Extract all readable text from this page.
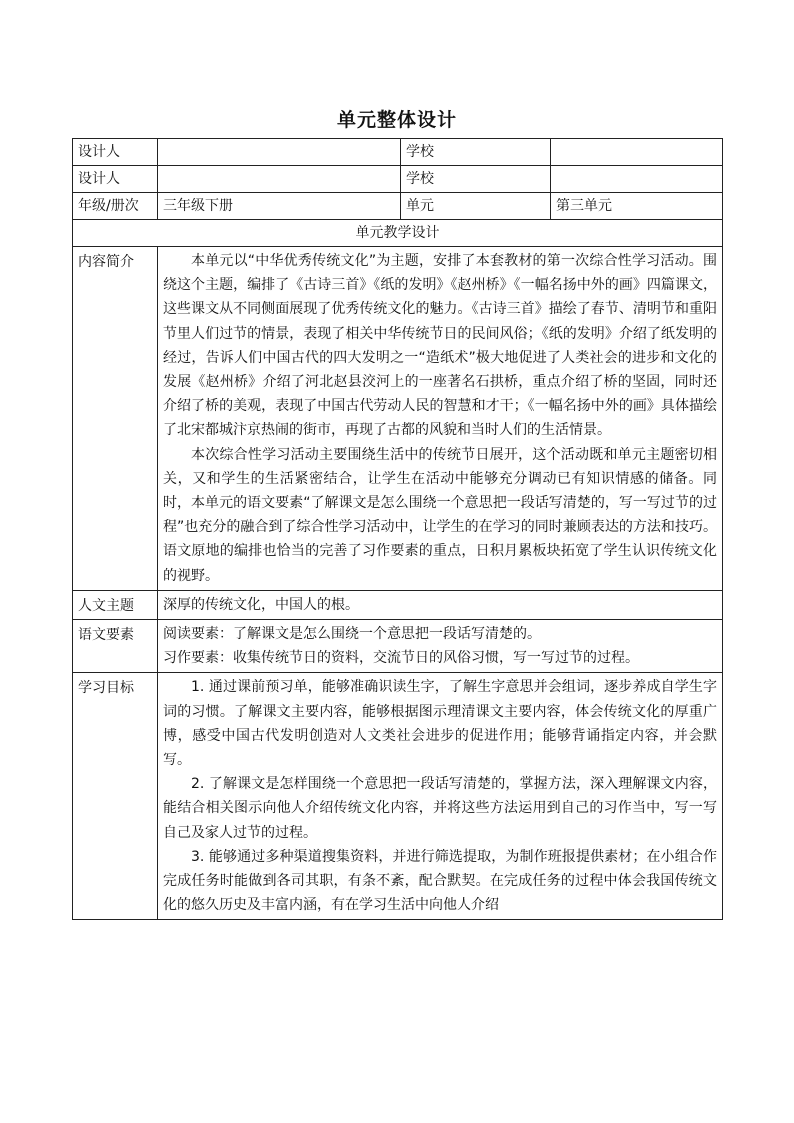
单元整体设计
设计人		学校	
设计人		学校	
年级/册次	三年级下册	单元	第三单元
单元教学设计			
内容简介	本单元以“中华优秀传统文化”为主题，安排了本套教材的第一次综合性学习活动。围绕这个主题，编排了《古诗三首》《纸的发明》《赵州桥》《一幅名扬中外的画》四篇课文，这些课文从不同侧面展现了优秀传统文化的魅力。《古诗三首》描绘了春节、清明节和重阳节里人们过节的情景，表现了相关中华传统节日的民间风俗；《纸的发明》介绍了纸发明的经过，告诉人们中国古代的四大发明之一“造纸术”极大地促进了人类社会的进步和文化的发展《赵州桥》介绍了河北赵县洨河上的一座著名石拱桥，重点介绍了桥的坚固，同时还介绍了桥的美观，表现了中国古代劳动人民的智慧和才干；《一幅名扬中外的画》具体描绘了北宋都城汴京热闹的街市，再现了古都的风貌和当时人们的生活情景。

本次综合性学习活动主要围绕生活中的传统节日展开，这个活动既和单元主题密切相关，又和学生的生活紧密结合，让学生在活动中能够充分调动已有知识情感的储备。同时，本单元的语文要素“了解课文是怎么围绕一个意思把一段话写清楚的，写一写过节的过程”也充分的融合到了综合性学习活动中，让学生的在学习的同时兼顾表达的方法和技巧。语文原地的编排也恰当的完善了习作要素的重点，日积月累板块拓宽了学生认识传统文化的视野。		

人文主题	深厚的传统文化，中国人的根。		

语文要素	阅读要素：了解课文是怎么围绕一个意思把一段话写清楚的。

习作要素：收集传统节日的资料，交流节日的风俗习惯，写一写过节的过程。		

学习目标	1. 通过课前预习单，能够准确识读生字，了解生字意思并会组词，逐步养成自学生字词的习惯。了解课文主要内容，能够根据图示理清课文主要内容，体会传统文化的厚重广博，感受中国古代发明创造对人文类社会进步的促进作用；能够背诵指定内容，并会默写。

2. 了解课文是怎样围绕一个意思把一段话写清楚的，掌握方法，深入理解课文内容，能结合相关图示向他人介绍传统文化内容，并将这些方法运用到自己的习作当中，写一写自己及家人过节的过程。

3. 能够通过多种渠道搜集资料，并进行筛选提取，为制作班报提供素材；在小组合作完成任务时能做到各司其职，有条不紊，配合默契。在完成任务的过程中体会我国传统文化的悠久历史及丰富内涵，有在学习生活中向他人介绍		
